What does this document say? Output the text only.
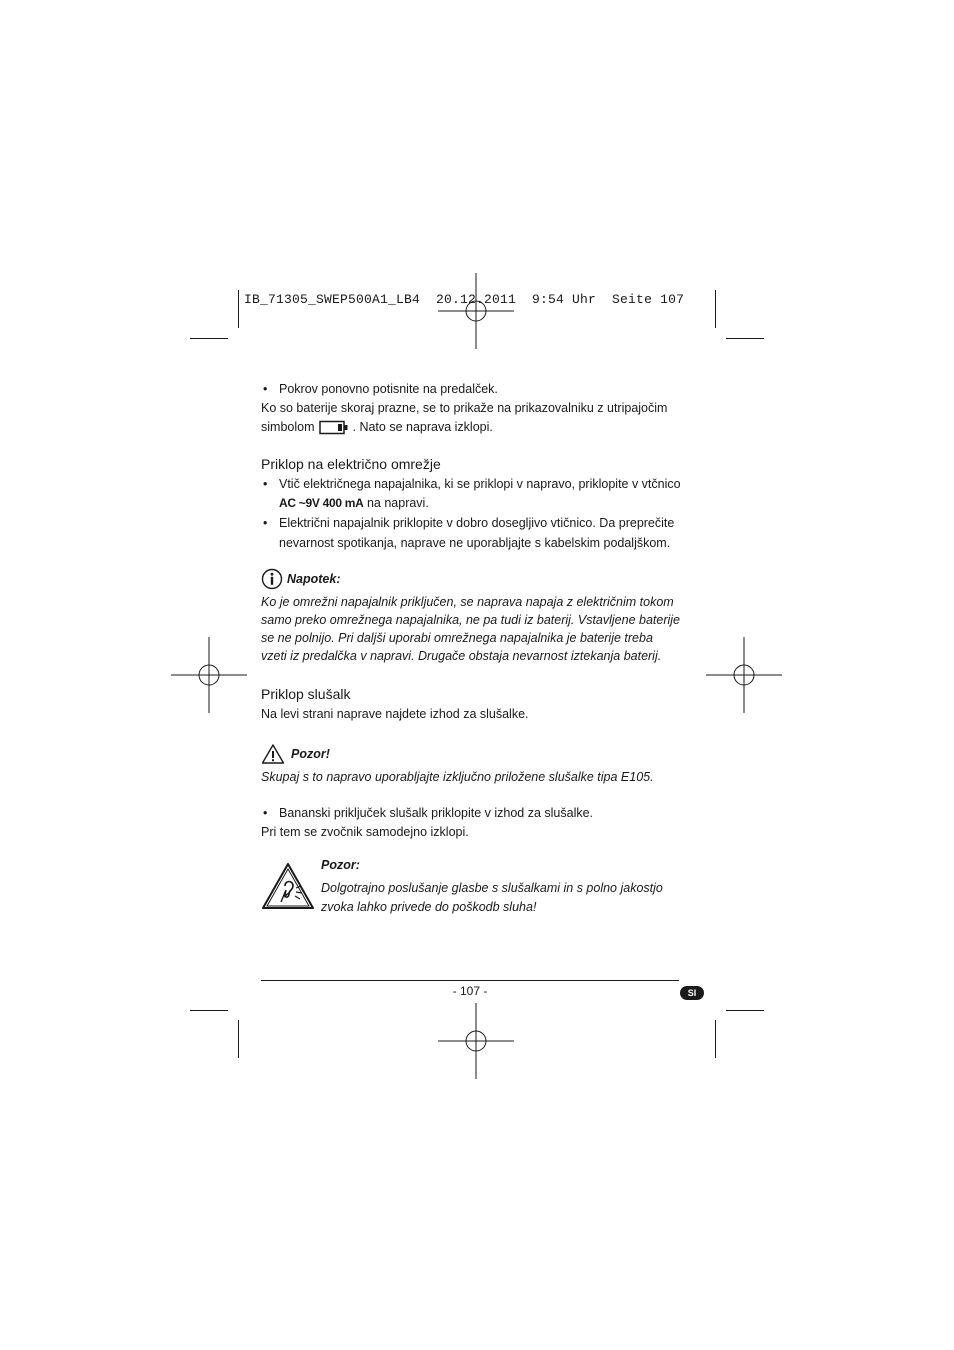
IB_71305_SWEP500A1_LB4  20.12.2011  9:54 Uhr  Seite 107
• Pokrov ponovno potisnite na predalček.

Ko so baterije skoraj prazne, se to prikaže na prikazovalniku z utripajočim

simbolom	. Nato se naprava izklopi.

Priklop na električno omrežje
• Vtič električnega napajalnika, ki se priklopi v napravo, priklopite v vtčnico
AC ~9V 400 mA na napravi.
• Električni napajalnik priklopite v dobro dosegljivo vtičnico. Da preprečite
nevarnost spotikanja, naprave ne uporabljajte s kabelskim podaljškom.
Napotek:
Ko je omrežni napajalnik priključen, se naprava napaja z električnim tokom
samo preko omrežnega napajalnika, ne pa tudi iz baterij. Vstavljene baterije
se ne polnijo. Pri daljši uporabi omrežnega napajalnika je baterije treba
vzeti iz predalčka v napravi. Drugače obstaja nevarnost iztekanja baterij.
Priklop slušalk

Na levi strani naprave najdete izhod za slušalke.

Pozor!
Skupaj s to napravo uporabljajte izključno priložene slušalke tipa E105.
• Bananski priključek slušalk priklopite v izhod za slušalke.

Pri tem se zvočnik samodejno izklopi.

Pozor:
Dolgotrajno poslušanje glasbe s slušalkami in s polno jakostjo
zvoka lahko privede do poškodb sluha!
- 107 -	SI
